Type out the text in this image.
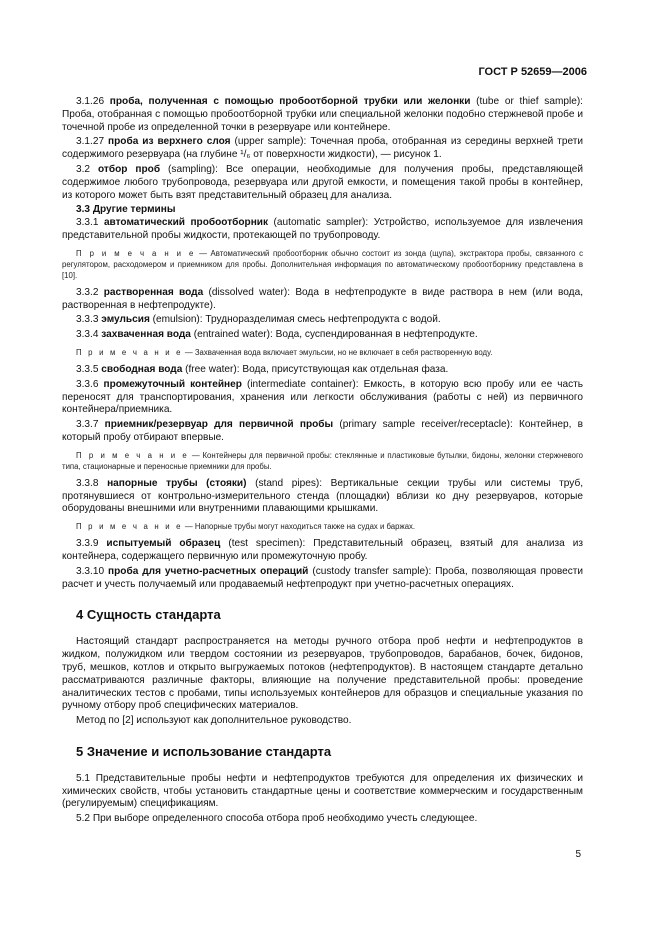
ГОСТ Р 52659—2006

3.1.26 проба, полученная с помощью пробоотборной трубки или желонки (tube or thief sample): Проба, отобранная с помощью пробоотборной трубки или специальной желонки подобно стержневой пробе и точечной пробе из определенной точки в резервуаре или контейнере.

3.1.27 проба из верхнего слоя (upper sample): Точечная проба, отобранная из середины верхней трети содержимого резервуара (на глубине ¹/₆ от поверхности жидкости), — рисунок 1.

3.2 отбор проб (sampling): Все операции, необходимые для получения пробы, представляющей содержимое любого трубопровода, резервуара или другой емкости, и помещения такой пробы в контейнер, из которого может быть взят представительный образец для анализа.

3.3 Другие термины

3.3.1 автоматический пробоотборник (automatic sampler): Устройство, используемое для извлечения представительной пробы жидкости, протекающей по трубопроводу.

П р и м е ч а н и е — Автоматический пробоотборник обычно состоит из зонда (щупа), экстрактора пробы, связанного с регулятором, расходомером и приемником для пробы. Дополнительная информация по автоматическому пробоотборнику представлена в [10].

3.3.2 растворенная вода (dissolved water): Вода в нефтепродукте в виде раствора в нем (или вода, растворенная в нефтепродукте).

3.3.3 эмульсия (emulsion): Трудноразделимая смесь нефтепродукта с водой.

3.3.4 захваченная вода (entrained water): Вода, суспендированная в нефтепродукте.

П р и м е ч а н и е — Захваченная вода включает эмульсии, но не включает в себя растворенную воду.

3.3.5 свободная вода (free water): Вода, присутствующая как отдельная фаза.

3.3.6 промежуточный контейнер (intermediate container): Емкость, в которую всю пробу или ее часть переносят для транспортирования, хранения или легкости обслуживания (работы с ней) из первичного контейнера/приемника.

3.3.7 приемник/резервуар для первичной пробы (primary sample receiver/receptacle): Контейнер, в который пробу отбирают впервые.

П р и м е ч а н и е — Контейнеры для первичной пробы: стеклянные и пластиковые бутылки, бидоны, желонки стержневого типа, стационарные и переносные приемники для пробы.

3.3.8 напорные трубы (стояки) (stand pipes): Вертикальные секции трубы или системы труб, протянувшиеся от контрольно-измерительного стенда (площадки) вблизи ко дну резервуаров, которые оборудованы внешними или внутренними плавающими крышками.

П р и м е ч а н и е — Напорные трубы могут находиться также на судах и баржах.

3.3.9 испытуемый образец (test specimen): Представительный образец, взятый для анализа из контейнера, содержащего первичную или промежуточную пробу.

3.3.10 проба для учетно-расчетных операций (custody transfer sample): Проба, позволяющая провести расчет и учесть получаемый или продаваемый нефтепродукт при учетно-расчетных операциях.

4 Сущность стандарта

Настоящий стандарт распространяется на методы ручного отбора проб нефти и нефтепродуктов в жидком, полужидком или твердом состоянии из резервуаров, трубопроводов, барабанов, бочек, бидонов, труб, мешков, котлов и открыто выгружаемых потоков (нефтепродуктов). В настоящем стандарте детально рассматриваются различные факторы, влияющие на получение представительной пробы: проведение аналитических тестов с пробами, типы используемых контейнеров для образцов и специальные указания по ручному отбору проб специфических материалов.

Метод по [2] используют как дополнительное руководство.

5 Значение и использование стандарта

5.1 Представительные пробы нефти и нефтепродуктов требуются для определения их физических и химических свойств, чтобы установить стандартные цены и соответствие коммерческим и государственным (регулируемым) спецификациям.

5.2 При выборе определенного способа отбора проб необходимо учесть следующее.

5
